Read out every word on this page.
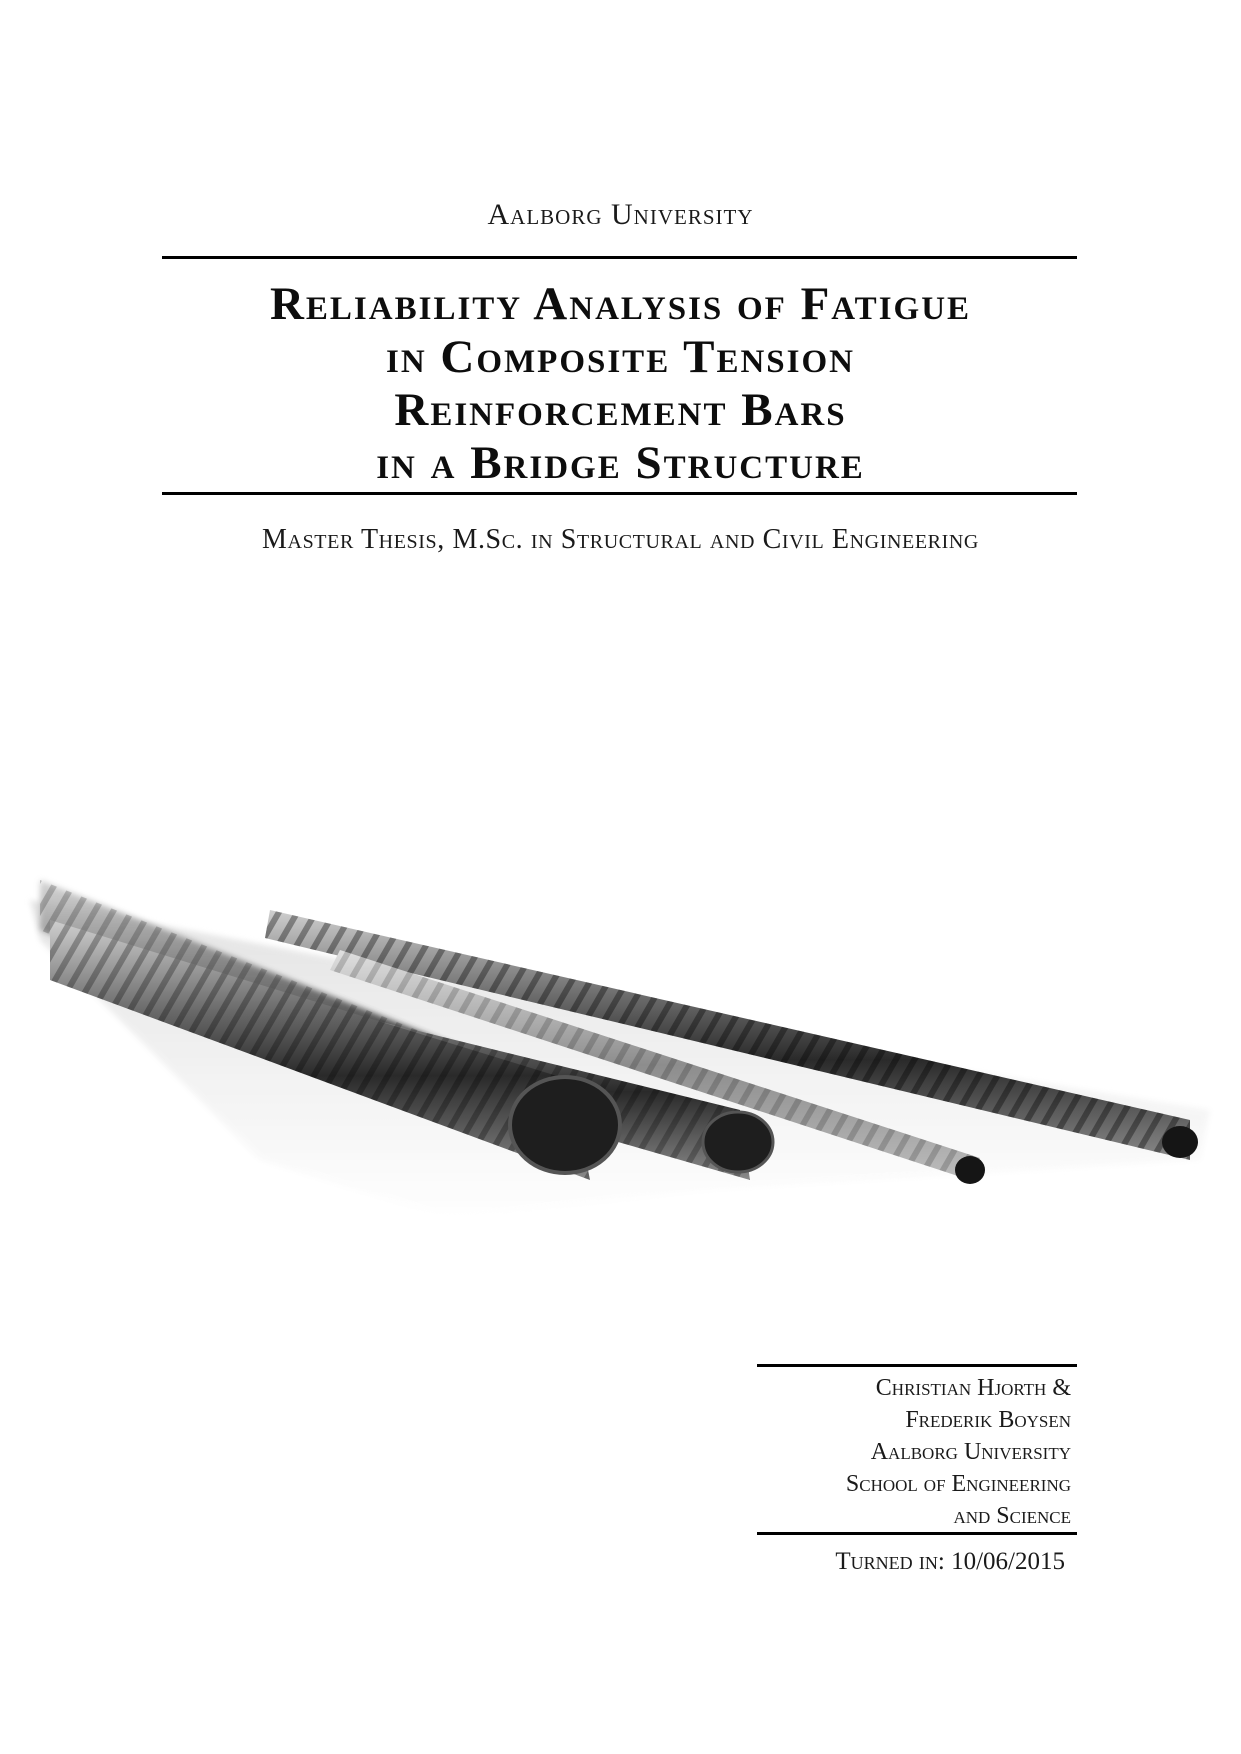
Aalborg University
Reliability Analysis of Fatigue
in Composite Tension
Reinforcement Bars
in a Bridge Structure
Master Thesis, M.Sc. in Structural and Civil Engineering
Christian Hjorth &
Frederik Boysen
Aalborg University
School of Engineering
and Science
Turned in: 10/06/2015
